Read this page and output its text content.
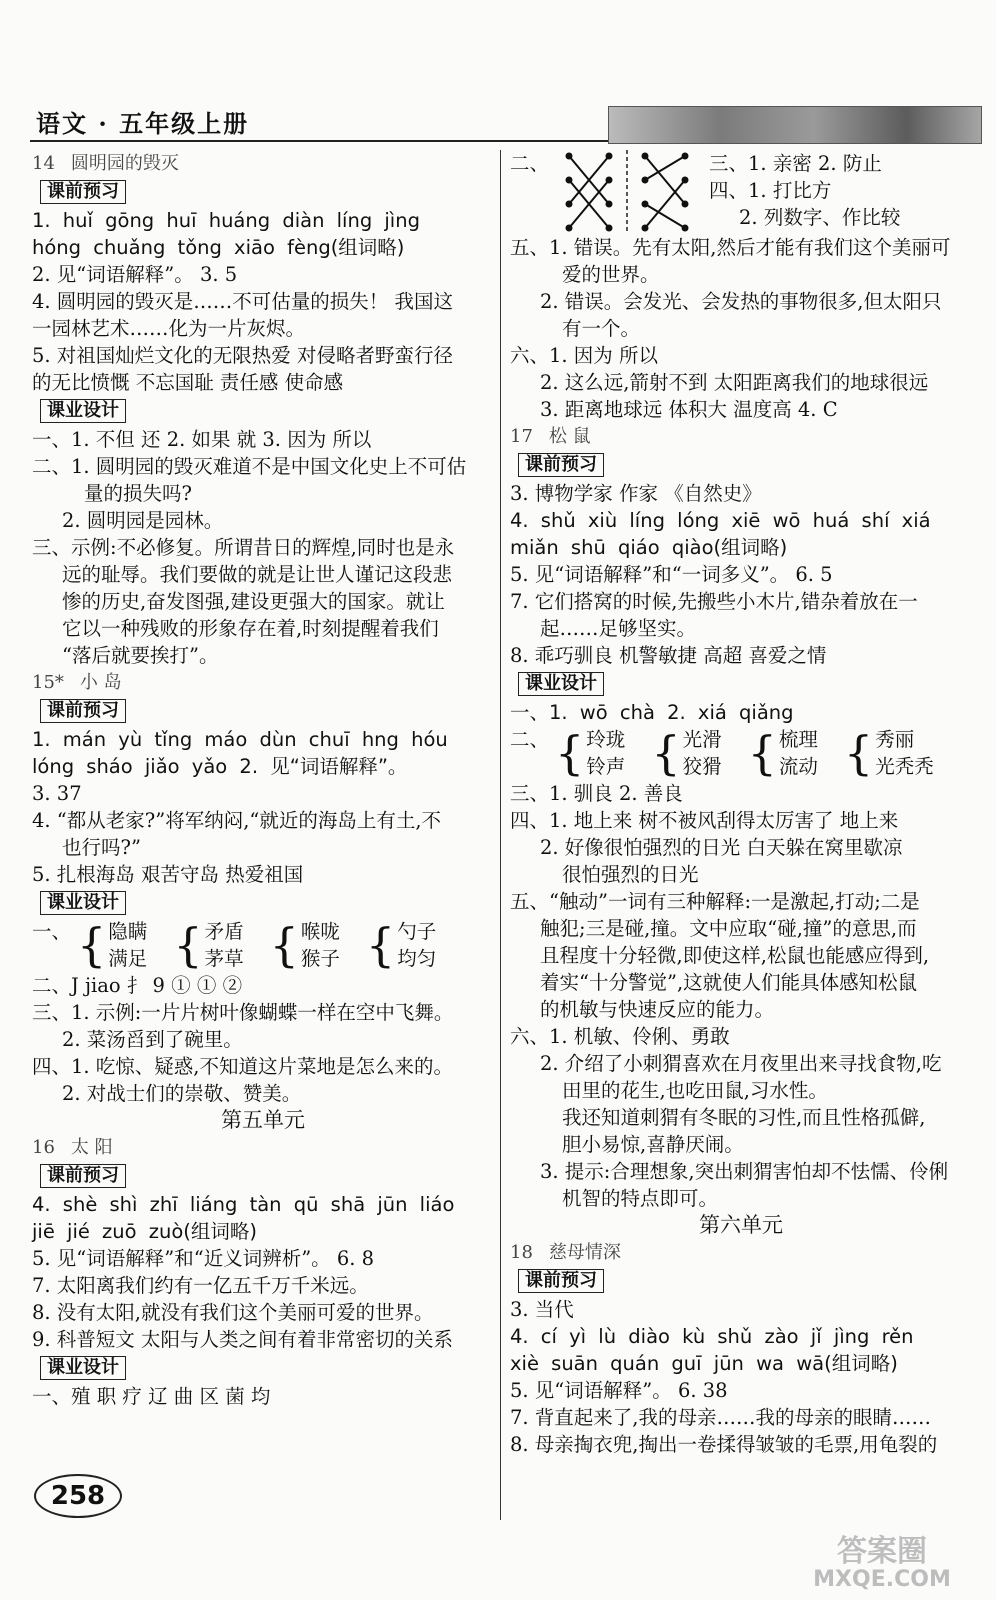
语文 · 五年级上册
14 圆明园的毁灭
课前预习
1. huǐ gōng huī huáng diàn líng jìng
hóng chuǎng tǒng xiāo fèng(组词略)
2. 见“词语解释”。 3. 5
4. 圆明园的毁灭是……不可估量的损失！ 我国这
一园林艺术……化为一片灰烬。
5. 对祖国灿烂文化的无限热爱 对侵略者野蛮行径
的无比愤慨 不忘国耻 责任感 使命感
课业设计
一、1. 不但 还 2. 如果 就 3. 因为 所以
二、1. 圆明园的毁灭难道不是中国文化史上不可估
量的损失吗?
2. 圆明园是园林。
三、示例:不必修复。所谓昔日的辉煌,同时也是永
远的耻辱。我们要做的就是让世人谨记这段悲
惨的历史,奋发图强,建设更强大的国家。就让
它以一种残败的形象存在着,时刻提醒着我们
“落后就要挨打”。
15* 小 岛
课前预习
1. mán yù tǐng máo dùn chuī hng hóu
lóng sháo jiǎo yǎo 2. 见“词语解释”。
3. 37
4. “都从老家?”将军纳闷,“就近的海岛上有土,不
也行吗?”
5. 扎根海岛 艰苦守岛 热爱祖国
课业设计
一、 { 隐瞒
满足 { 矛盾
茅草 { 喉咙
猴子 { 勺子
均匀
二、J jiao 扌 9 ① ① ②
三、1. 示例:一片片树叶像蝴蝶一样在空中飞舞。
2. 菜汤舀到了碗里。
四、1. 吃惊、疑惑,不知道这片菜地是怎么来的。
2. 对战士们的崇敬、赞美。
第五单元
16 太 阳
课前预习
4. shè shì zhī liáng tàn qū shā jūn liáo
jiē jié zuō zuò(组词略)
5. 见“词语解释”和“近义词辨析”。 6. 8
7. 太阳离我们约有一亿五千万千米远。
8. 没有太阳,就没有我们这个美丽可爱的世界。
9. 科普短文 太阳与人类之间有着非常密切的关系
课业设计
一、殖 职 疗 辽 曲 区 菌 均
二、	三、1. 亲密 2. 防止
四、1. 打比方
2. 列数字、作比较
五、1. 错误。先有太阳,然后才能有我们这个美丽可
爱的世界。
2. 错误。会发光、会发热的事物很多,但太阳只
有一个。
六、1. 因为 所以
2. 这么远,箭射不到 太阳距离我们的地球很远
3. 距离地球远 体积大 温度高 4. C
17 松 鼠
课前预习
3. 博物学家 作家 《自然史》
4. shǔ xiù líng lóng xiē wō huá shí xiá
miǎn shū qiáo qiào(组词略)
5. 见“词语解释”和“一词多义”。 6. 5
7. 它们搭窝的时候,先搬些小木片,错杂着放在一
起……足够坚实。
8. 乖巧驯良 机警敏捷 高超 喜爱之情
课业设计
一、1. wō chà 2. xiá qiǎng
二、 { 玲珑
铃声 { 光滑
狡猾 { 梳理
流动 { 秀丽
光秃秃
三、1. 驯良 2. 善良
四、1. 地上来 树不被风刮得太厉害了 地上来
2. 好像很怕强烈的日光 白天躲在窝里歇凉
很怕强烈的日光
五、“触动”一词有三种解释:一是激起,打动;二是
触犯;三是碰,撞。文中应取“碰,撞”的意思,而
且程度十分轻微,即使这样,松鼠也能感应得到,
着实“十分警觉”,这就使人们能具体感知松鼠
的机敏与快速反应的能力。
六、1. 机敏、伶俐、勇敢
2. 介绍了小刺猬喜欢在月夜里出来寻找食物,吃
田里的花生,也吃田鼠,习水性。
我还知道刺猬有冬眠的习性,而且性格孤僻,
胆小易惊,喜静厌闹。
3. 提示:合理想象,突出刺猬害怕却不怯懦、伶俐
机智的特点即可。
第六单元
18 慈母情深
课前预习
3. 当代
4. cí yì lù diào kù shǔ zào jǐ jìng rěn
xiè suān quán guī jūn wa wā(组词略)
5. 见“词语解释”。 6. 38
7. 背直起来了,我的母亲……我的母亲的眼睛……
8. 母亲掏衣兜,掏出一卷揉得皱皱的毛票,用龟裂的
258
答案圈
MXQE.COM
